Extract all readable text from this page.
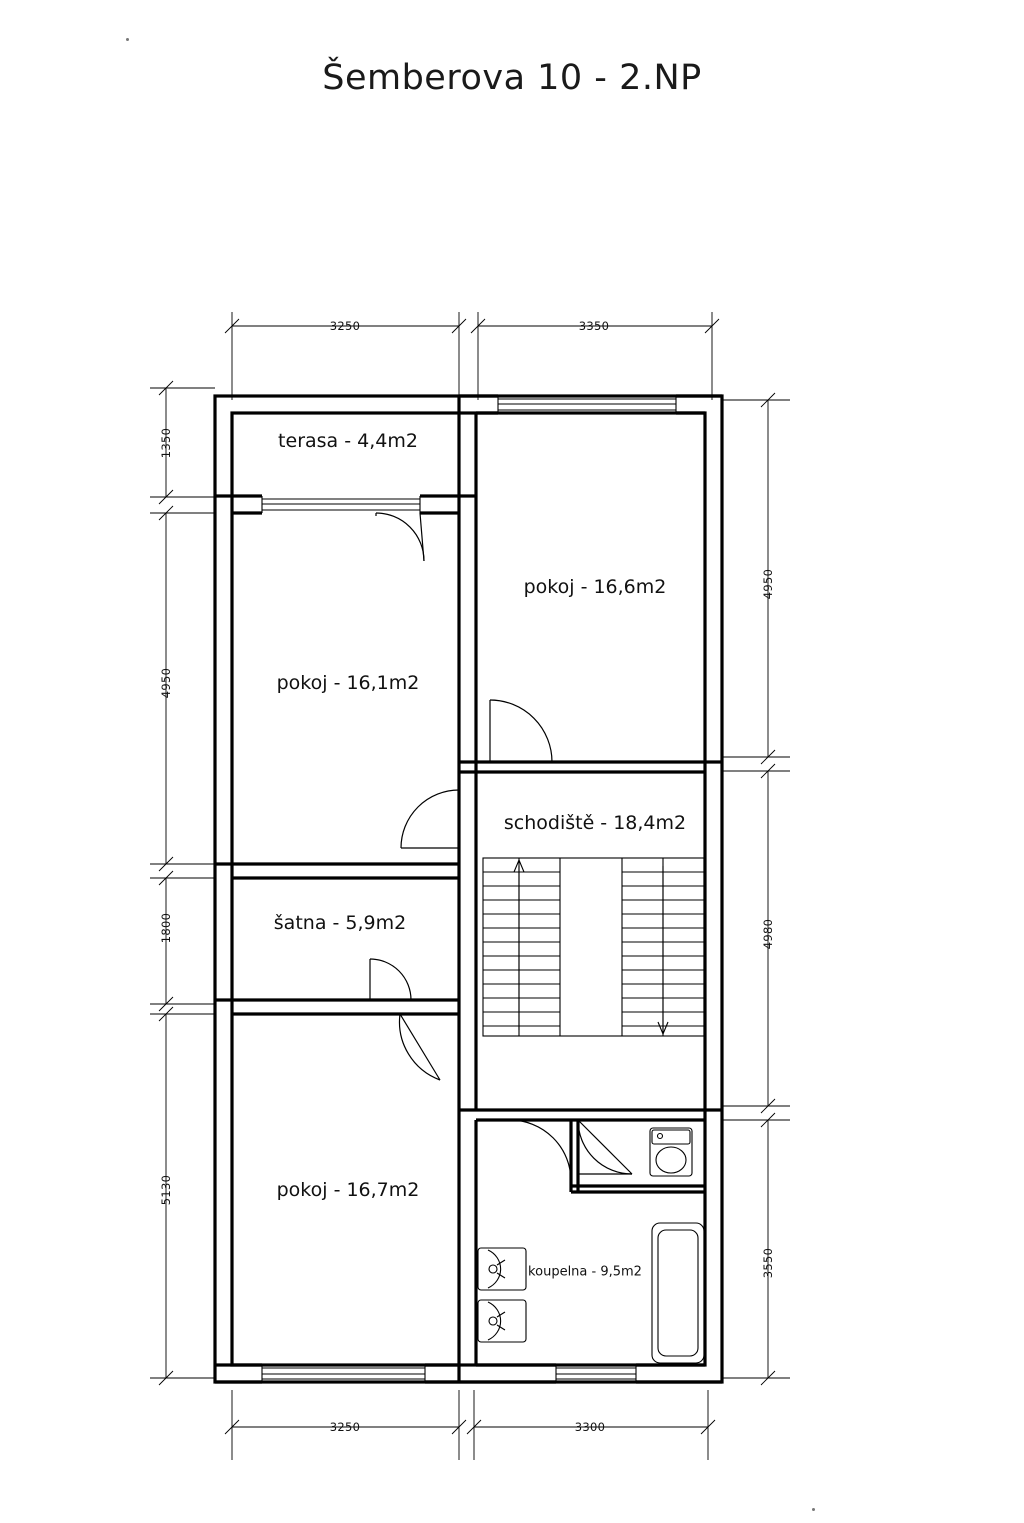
Šemberova 10 - 2.NP
terasa - 4,4m2
pokoj - 16,6m2
pokoj - 16,1m2
schodiště - 18,4m2
šatna - 5,9m2
pokoj - 16,7m2
koupelna - 9,5m2
3250	3350
3250	3300
1350
4950
1800
5130
4950
4980
3550
